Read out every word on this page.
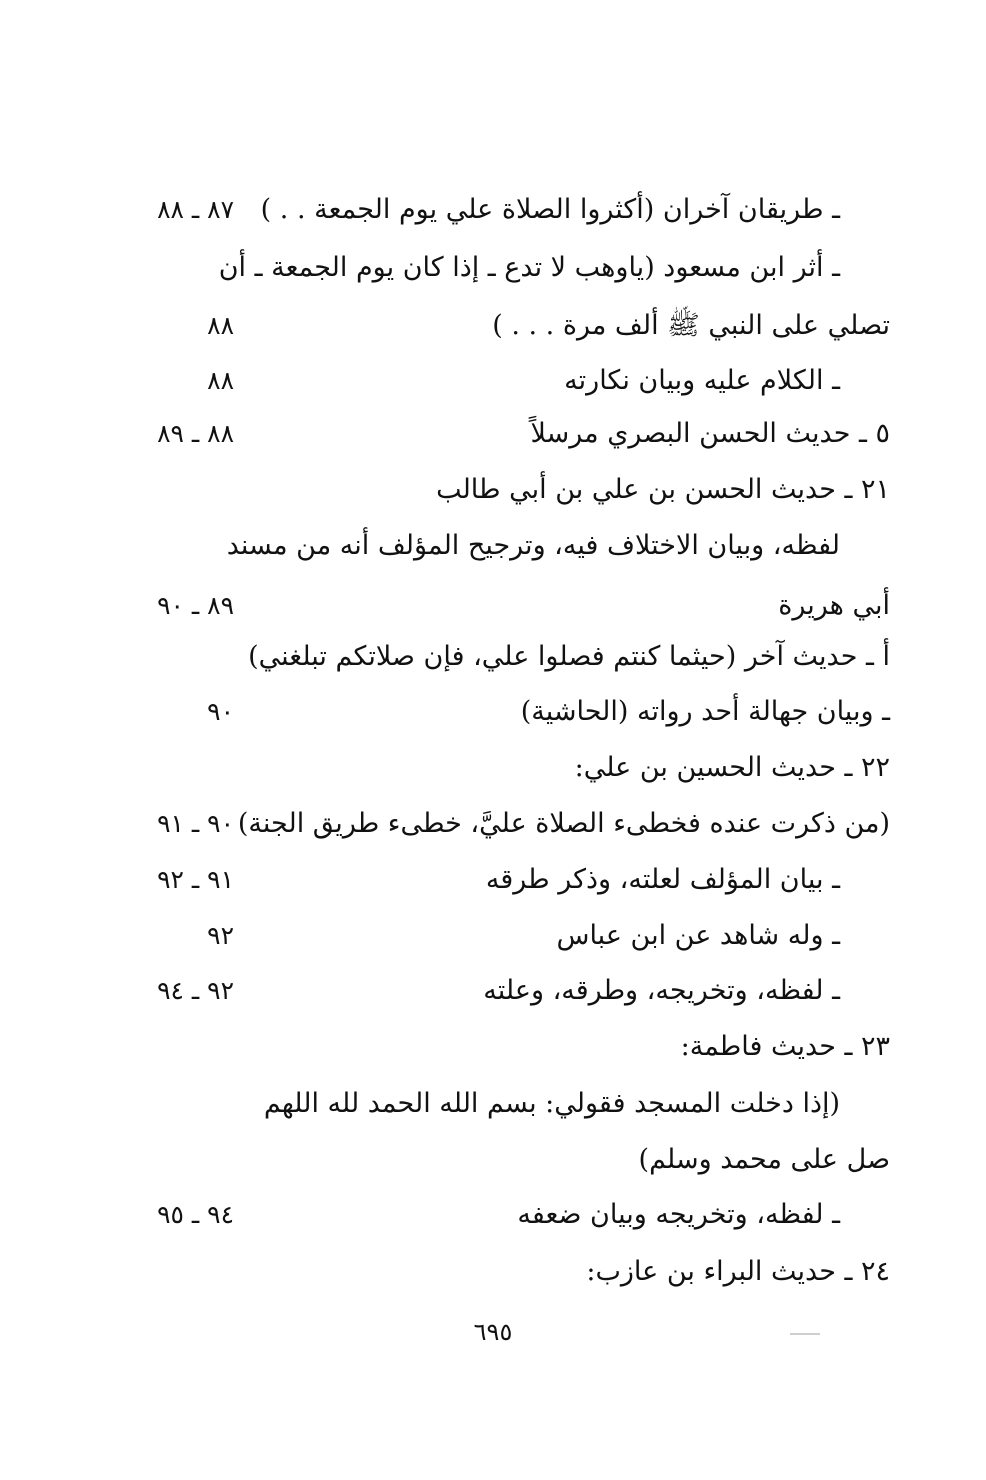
ـ طريقان آخران (أكثروا الصلاة علي يوم الجمعة . . )
٨٧ ـ ٨٨
ـ أثر ابن مسعود (ياوهب لا تدع ـ إذا كان يوم الجمعة ـ أن
تصلي على النبي ﷺ ألف مرة . . . )
٨٨
ـ الكلام عليه وبيان نكارته
٨٨
٥ ـ حديث الحسن البصري مرسلاً
٨٨ ـ ٨٩
٢١ ـ حديث الحسن بن علي بن أبي طالب
لفظه، وبيان الاختلاف فيه، وترجيح المؤلف أنه من مسند
أبي هريرة
٨٩ ـ ٩٠
أ ـ حديث آخر (حيثما كنتم فصلوا علي، فإن صلاتكم تبلغني)
ـ وبيان جهالة أحد رواته (الحاشية)
٩٠
٢٢ ـ حديث الحسين بن علي:
(من ذكرت عنده فخطىء الصلاة عليَّ، خطىء طريق الجنة)
٩٠ ـ ٩١
ـ بيان المؤلف لعلته، وذكر طرقه
٩١ ـ ٩٢
ـ وله شاهد عن ابن عباس
٩٢
ـ لفظه، وتخريجه، وطرقه، وعلته
٩٢ ـ ٩٤
٢٣ ـ حديث فاطمة:
(إذا دخلت المسجد فقولي: بسم الله الحمد لله اللهم
صل على محمد وسلم)
ـ لفظه، وتخريجه وبيان ضعفه
٩٤ ـ ٩٥
٢٤ ـ حديث البراء بن عازب:
٦٩٥
